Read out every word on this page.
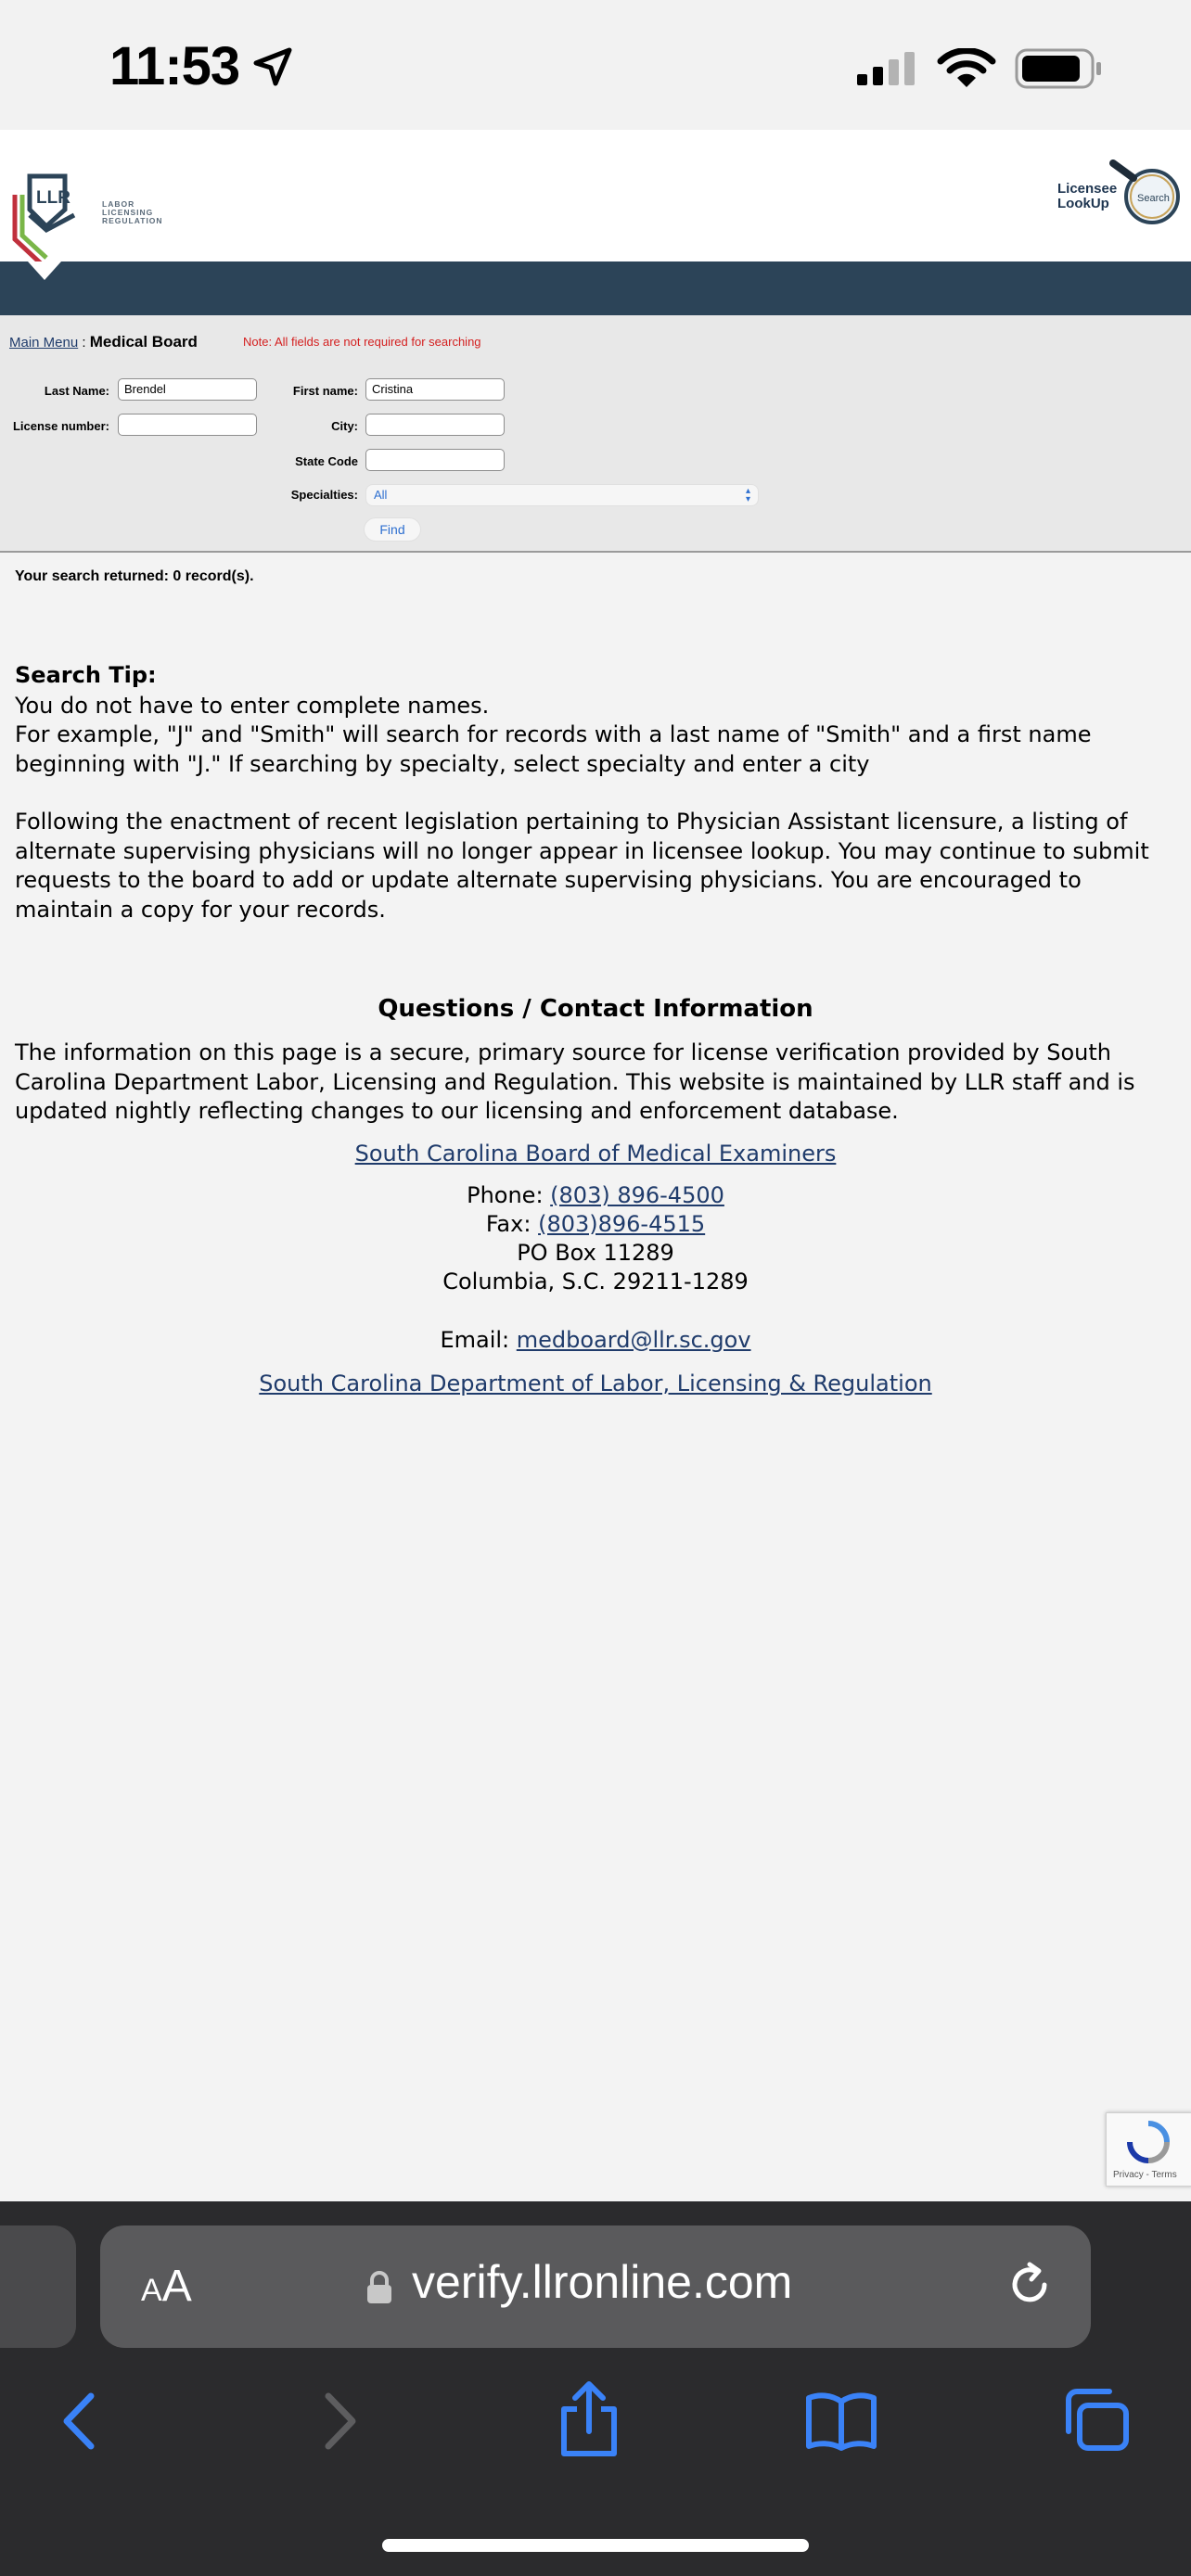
11:53
LLR	LABOR
LICENSING
REGULATION
Search
Licensee
LookUp
Main Menu : Medical Board	Note: All fields are not required for searching
Last Name:	Brendel	First name:	Cristina
License number:	City:
State Code
Specialties:	All	▴
▾
Find
Your search returned: 0 record(s).
Search Tip:
You do not have to enter complete names.
For example, "J" and "Smith" will search for records with a last name of "Smith" and a first name beginning with "J." If searching by specialty, select specialty and enter a city
Following the enactment of recent legislation pertaining to Physician Assistant licensure, a listing of alternate supervising physicians will no longer appear in licensee lookup. You may continue to submit requests to the board to add or update alternate supervising physicians. You are encouraged to maintain a copy for your records.
Questions / Contact Information
The information on this page is a secure, primary source for license verification provided by South Carolina Department Labor, Licensing and Regulation. This website is maintained by LLR staff and is updated nightly reflecting changes to our licensing and enforcement database.
South Carolina Board of Medical Examiners
Phone: (803) 896-4500
Fax: (803)896-4515
PO Box 11289
Columbia, S.C. 29211-1289
Email: medboard@llr.sc.gov
South Carolina Department of Labor, Licensing & Regulation
Privacy - Terms
AA	verify.llronline.com
